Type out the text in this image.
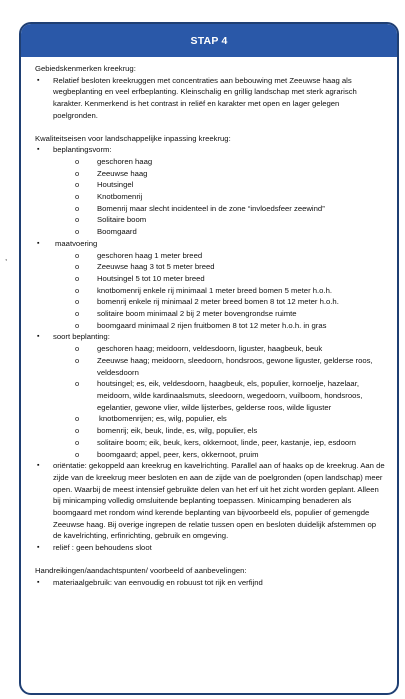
,
STAP 4
Gebiedskenmerken kreekrug:
▪	Relatief besloten kreekruggen met concentraties aan bebouwing met Zeeuwse haag als wegbeplanting en veel erfbeplanting. Kleinschalig en grillig landschap met sterk agrarisch karakter. Kenmerkend is het contrast in reliëf en karakter met open en lager gelegen poelgronden.
Kwaliteitseisen voor landschappelijke inpassing kreekrug:
▪	beplantingsvorm:
o	geschoren haag
o	Zeeuwse haag
o	Houtsingel
o	Knotbomenrij
o	Bomenrij maar slecht incidenteel in de zone “invloedsfeer zeewind”
o	Solitaire boom
o	Boomgaard
▪	maatvoering
o	geschoren haag 1 meter breed
o	Zeeuwse haag 3 tot 5 meter breed
o	Houtsingel 5 tot 10 meter breed
o	knotbomenrij enkele rij minimaal 1 meter breed bomen 5 meter h.o.h.
o	bomenrij enkele rij minimaal 2 meter breed bomen 8 tot 12 meter h.o.h.
o	solitaire boom minimaal 2 bij 2 meter bovengrondse ruimte
o	boomgaard minimaal 2 rijen fruitbomen 8 tot 12 meter h.o.h. in gras
▪	soort beplanting:
o	geschoren haag; meidoorn, veldesdoorn, liguster, haagbeuk, beuk
o	Zeeuwse haag; meidoorn, sleedoorn, hondsroos, gewone liguster, gelderse roos, veldesdoorn
o	houtsingel; es, eik, veldesdoorn, haagbeuk, els, populier, kornoelje, hazelaar, meidoorn, wilde kardinaalsmuts, sleedoorn, wegedoorn, vuilboom, hondsroos, egelantier, gewone vlier, wilde lijsterbes, gelderse roos, wilde liguster
o	knotbomenrijen; es, wilg, populier, els
o	bomenrij; eik, beuk, linde, es, wilg, populier, els
o	solitaire boom; eik, beuk, kers, okkernoot, linde, peer, kastanje, iep, esdoorn
o	boomgaard; appel, peer, kers, okkernoot, pruim
▪	oriëntatie: gekoppeld aan kreekrug en kavelrichting. Parallel aan of haaks op de kreekrug. Aan de zijde van de kreekrug meer besloten en aan de zijde van de poelgronden (open landschap) meer open. Waarbij de meest intensief gebruikte delen van het erf uit het zicht worden geplant. Alleen bij minicamping volledig omsluitende beplanting toepassen. Minicamping benaderen als boomgaard met rondom wind kerende beplanting van bijvoorbeeld els, populier of gemengde Zeeuwse haag. Bij overige ingrepen de relatie tussen open en besloten duidelijk afstemmen op de kavelrichting, erfinrichting, gebruik en omgeving.
▪	reliëf : geen behoudens sloot
Handreikingen/aandachtspunten/ voorbeeld of aanbevelingen:
▪	materiaalgebruik: van eenvoudig en robuust tot rijk en verfijnd
